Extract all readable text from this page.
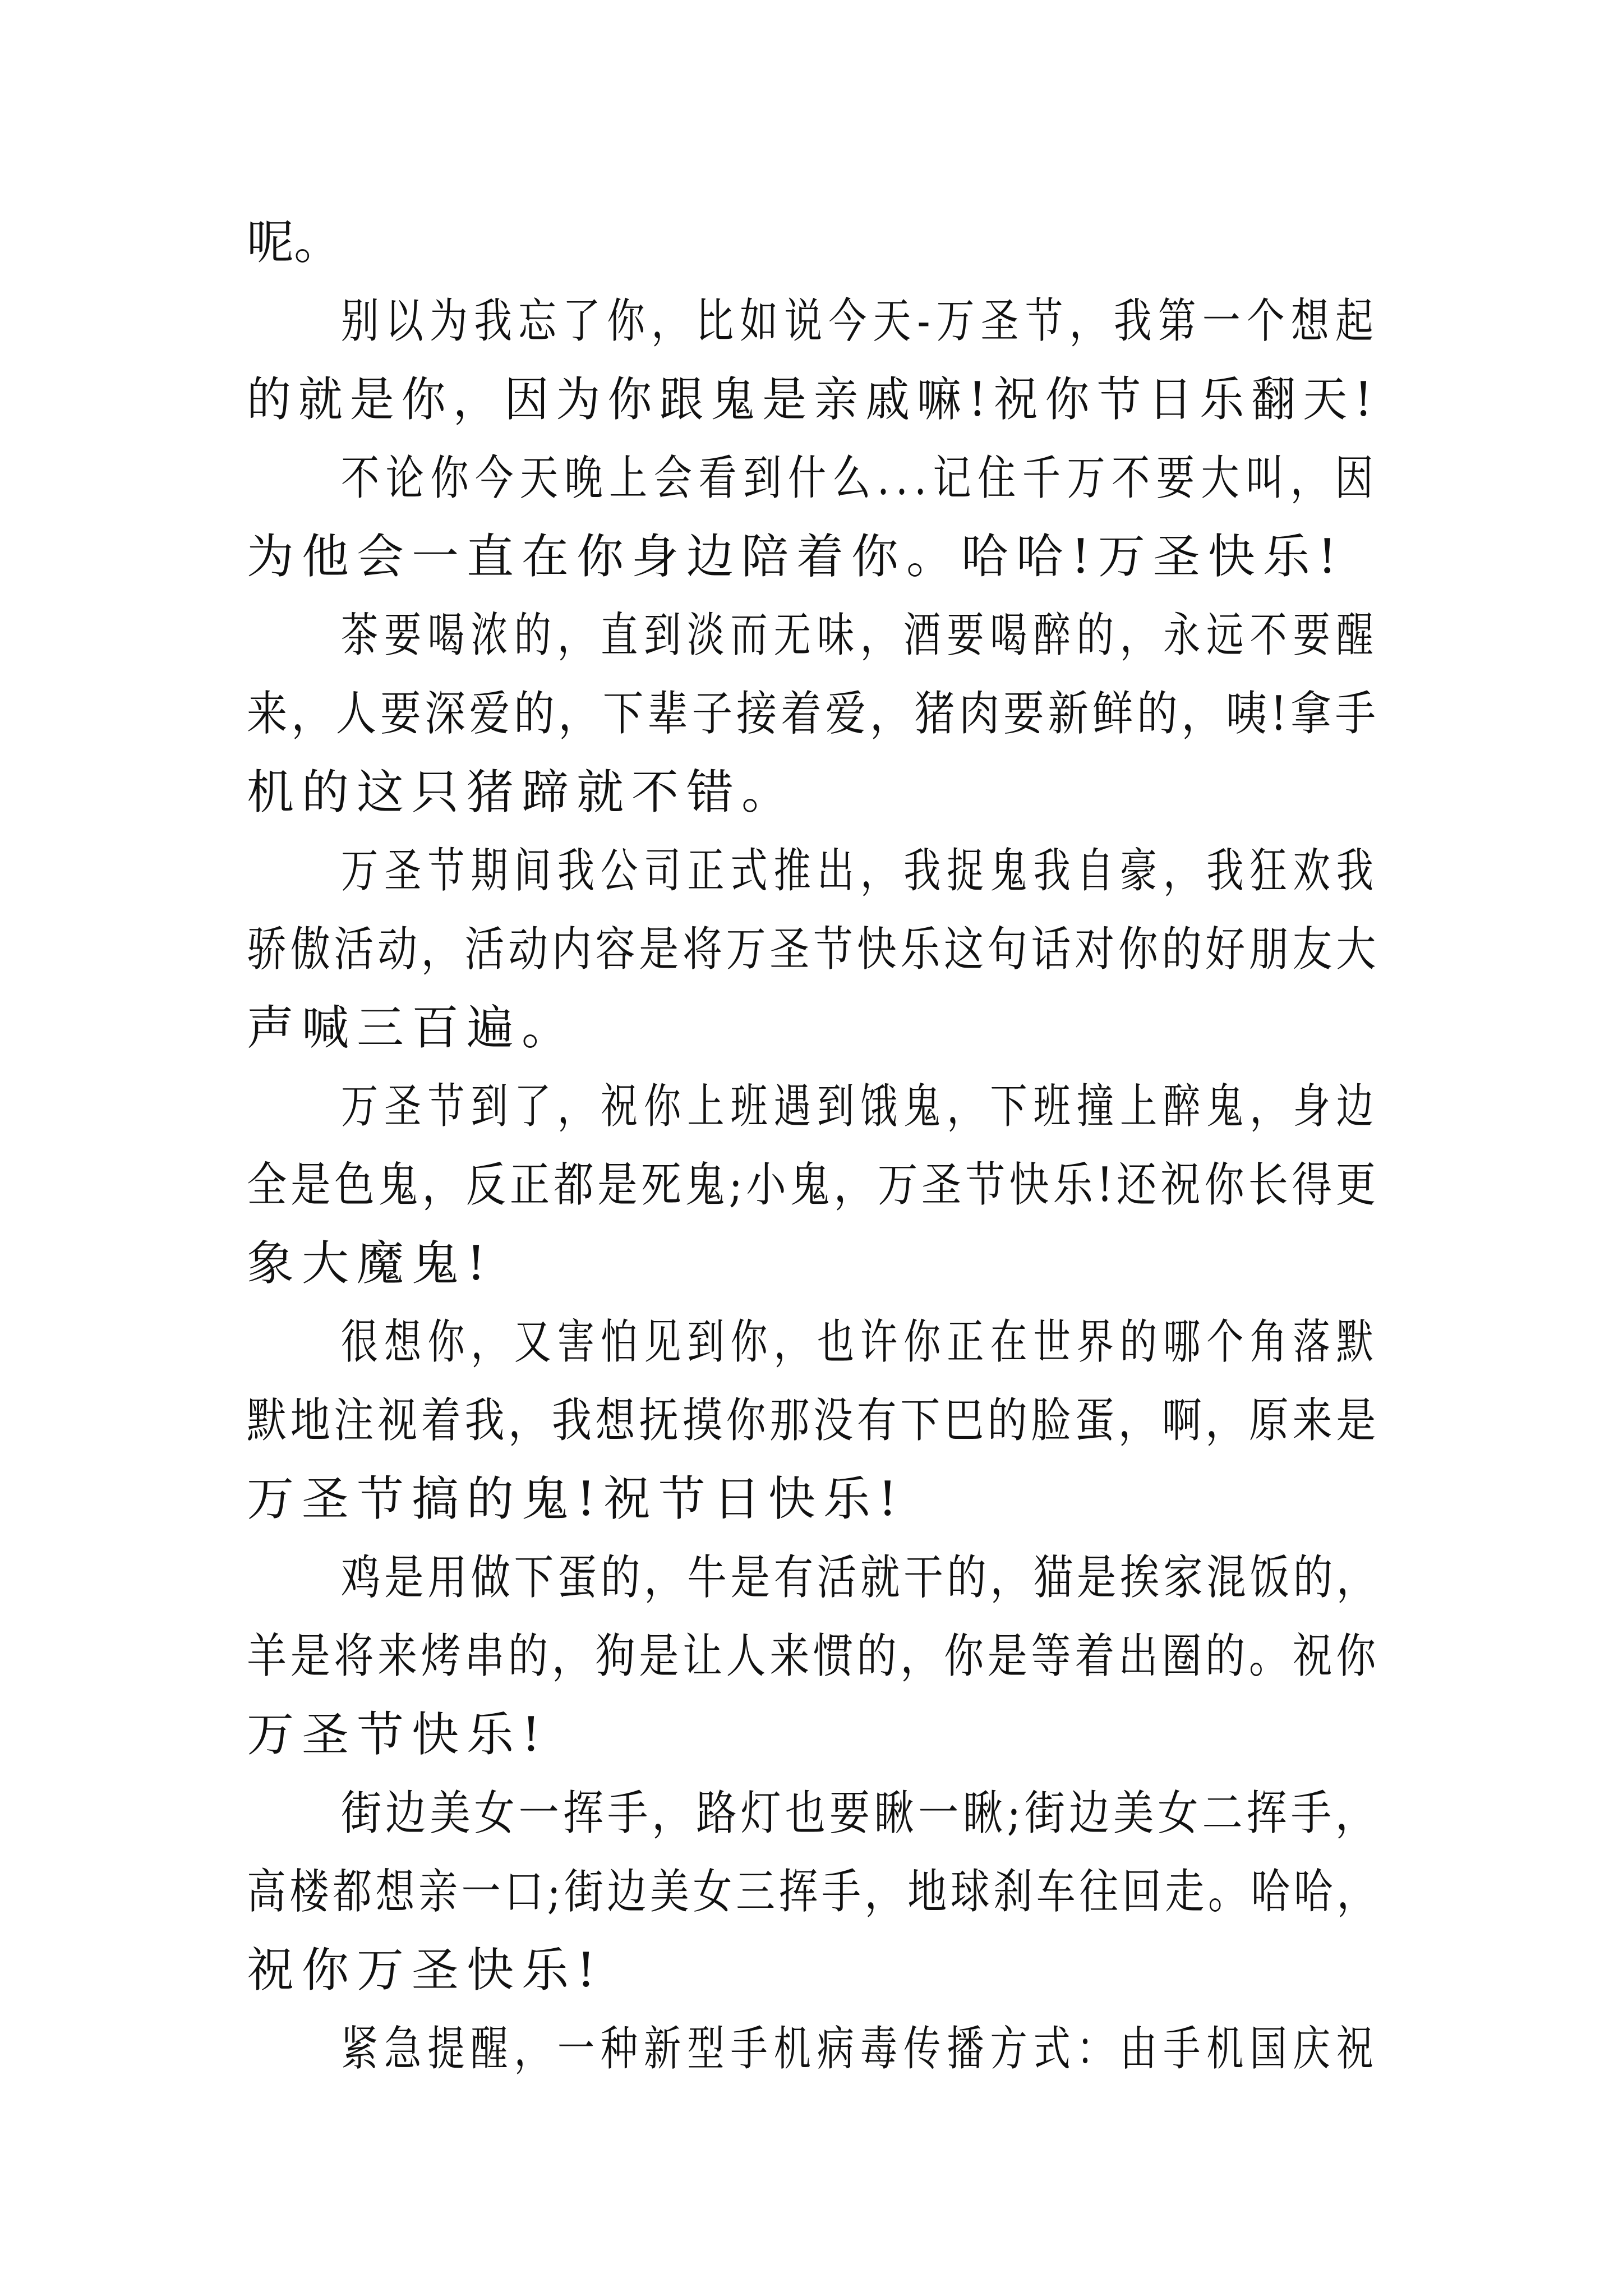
呢。
别以为我忘了你，比如说今天-万圣节，我第一个想起
的就是你，因为你跟鬼是亲戚嘛!祝你节日乐翻天!
不论你今天晚上会看到什么...记住千万不要大叫，因
为他会一直在你身边陪着你。哈哈!万圣快乐!
茶要喝浓的，直到淡而无味，酒要喝醉的，永远不要醒
来，人要深爱的，下辈子接着爱，猪肉要新鲜的，咦!拿手
机的这只猪蹄就不错。
万圣节期间我公司正式推出，我捉鬼我自豪，我狂欢我
骄傲活动，活动内容是将万圣节快乐这句话对你的好朋友大
声喊三百遍。
万圣节到了，祝你上班遇到饿鬼，下班撞上醉鬼，身边
全是色鬼，反正都是死鬼;小鬼，万圣节快乐!还祝你长得更
象大魔鬼!
很想你，又害怕见到你，也许你正在世界的哪个角落默
默地注视着我，我想抚摸你那没有下巴的脸蛋，啊，原来是
万圣节搞的鬼!祝节日快乐!
鸡是用做下蛋的，牛是有活就干的，猫是挨家混饭的，
羊是将来烤串的，狗是让人来惯的，你是等着出圈的。祝你
万圣节快乐!
街边美女一挥手，路灯也要瞅一瞅;街边美女二挥手，
高楼都想亲一口;街边美女三挥手，地球刹车往回走。哈哈，
祝你万圣快乐!
紧急提醒，一种新型手机病毒传播方式：由手机国庆祝
